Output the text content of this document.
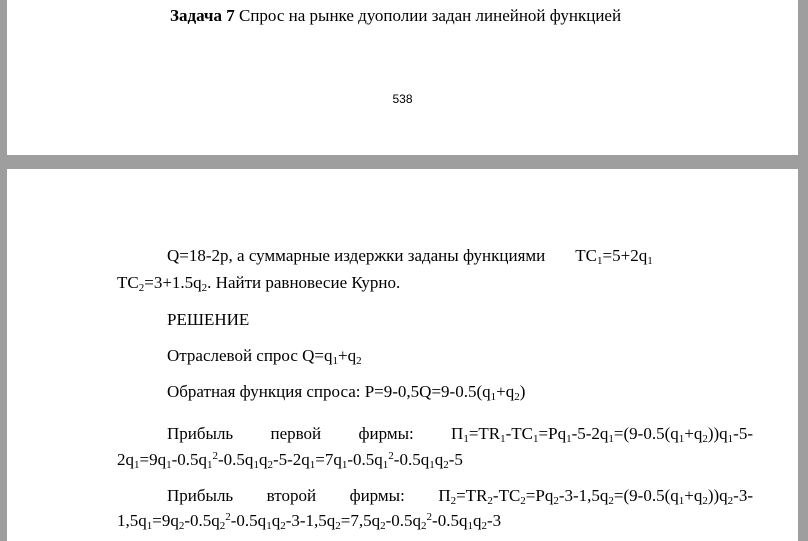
Задача 7 Спрос на рынке дуополии задан линейной функцией
538
Q=18-2p, а суммарные издержки заданы функциями $TC_1=5+2q_1$
$TC_2=3+1.5q_2$. Найти равновесие Курно.
РЕШЕНИЕ
Отраслевой спрос $Q=q_1+q_2$
Обратная функция спроса: $P=9-0,5Q=9-0.5(q_1+q_2)$
Прибыль первой фирмы: $П_1=TR_1-TC_1=Pq_1-5-2q_1=(9-0.5(q_1+q_2))q_1-5-$
$2q_1=9q_1-0.5q_1^2-0.5q_1q_2-5-2q_1=7q_1-0.5q_1^2-0.5q_1q_2-5$
Прибыль второй фирмы: $П_2=TR_2-TC_2=Pq_2-3-1,5q_2=(9-0.5(q_1+q_2))q_2-3-$
$1,5q_1=9q_2-0.5q_2^2-0.5q_1q_2-3-1,5q_2=7,5q_2-0.5q_2^2-0.5q_1q_2-3$
